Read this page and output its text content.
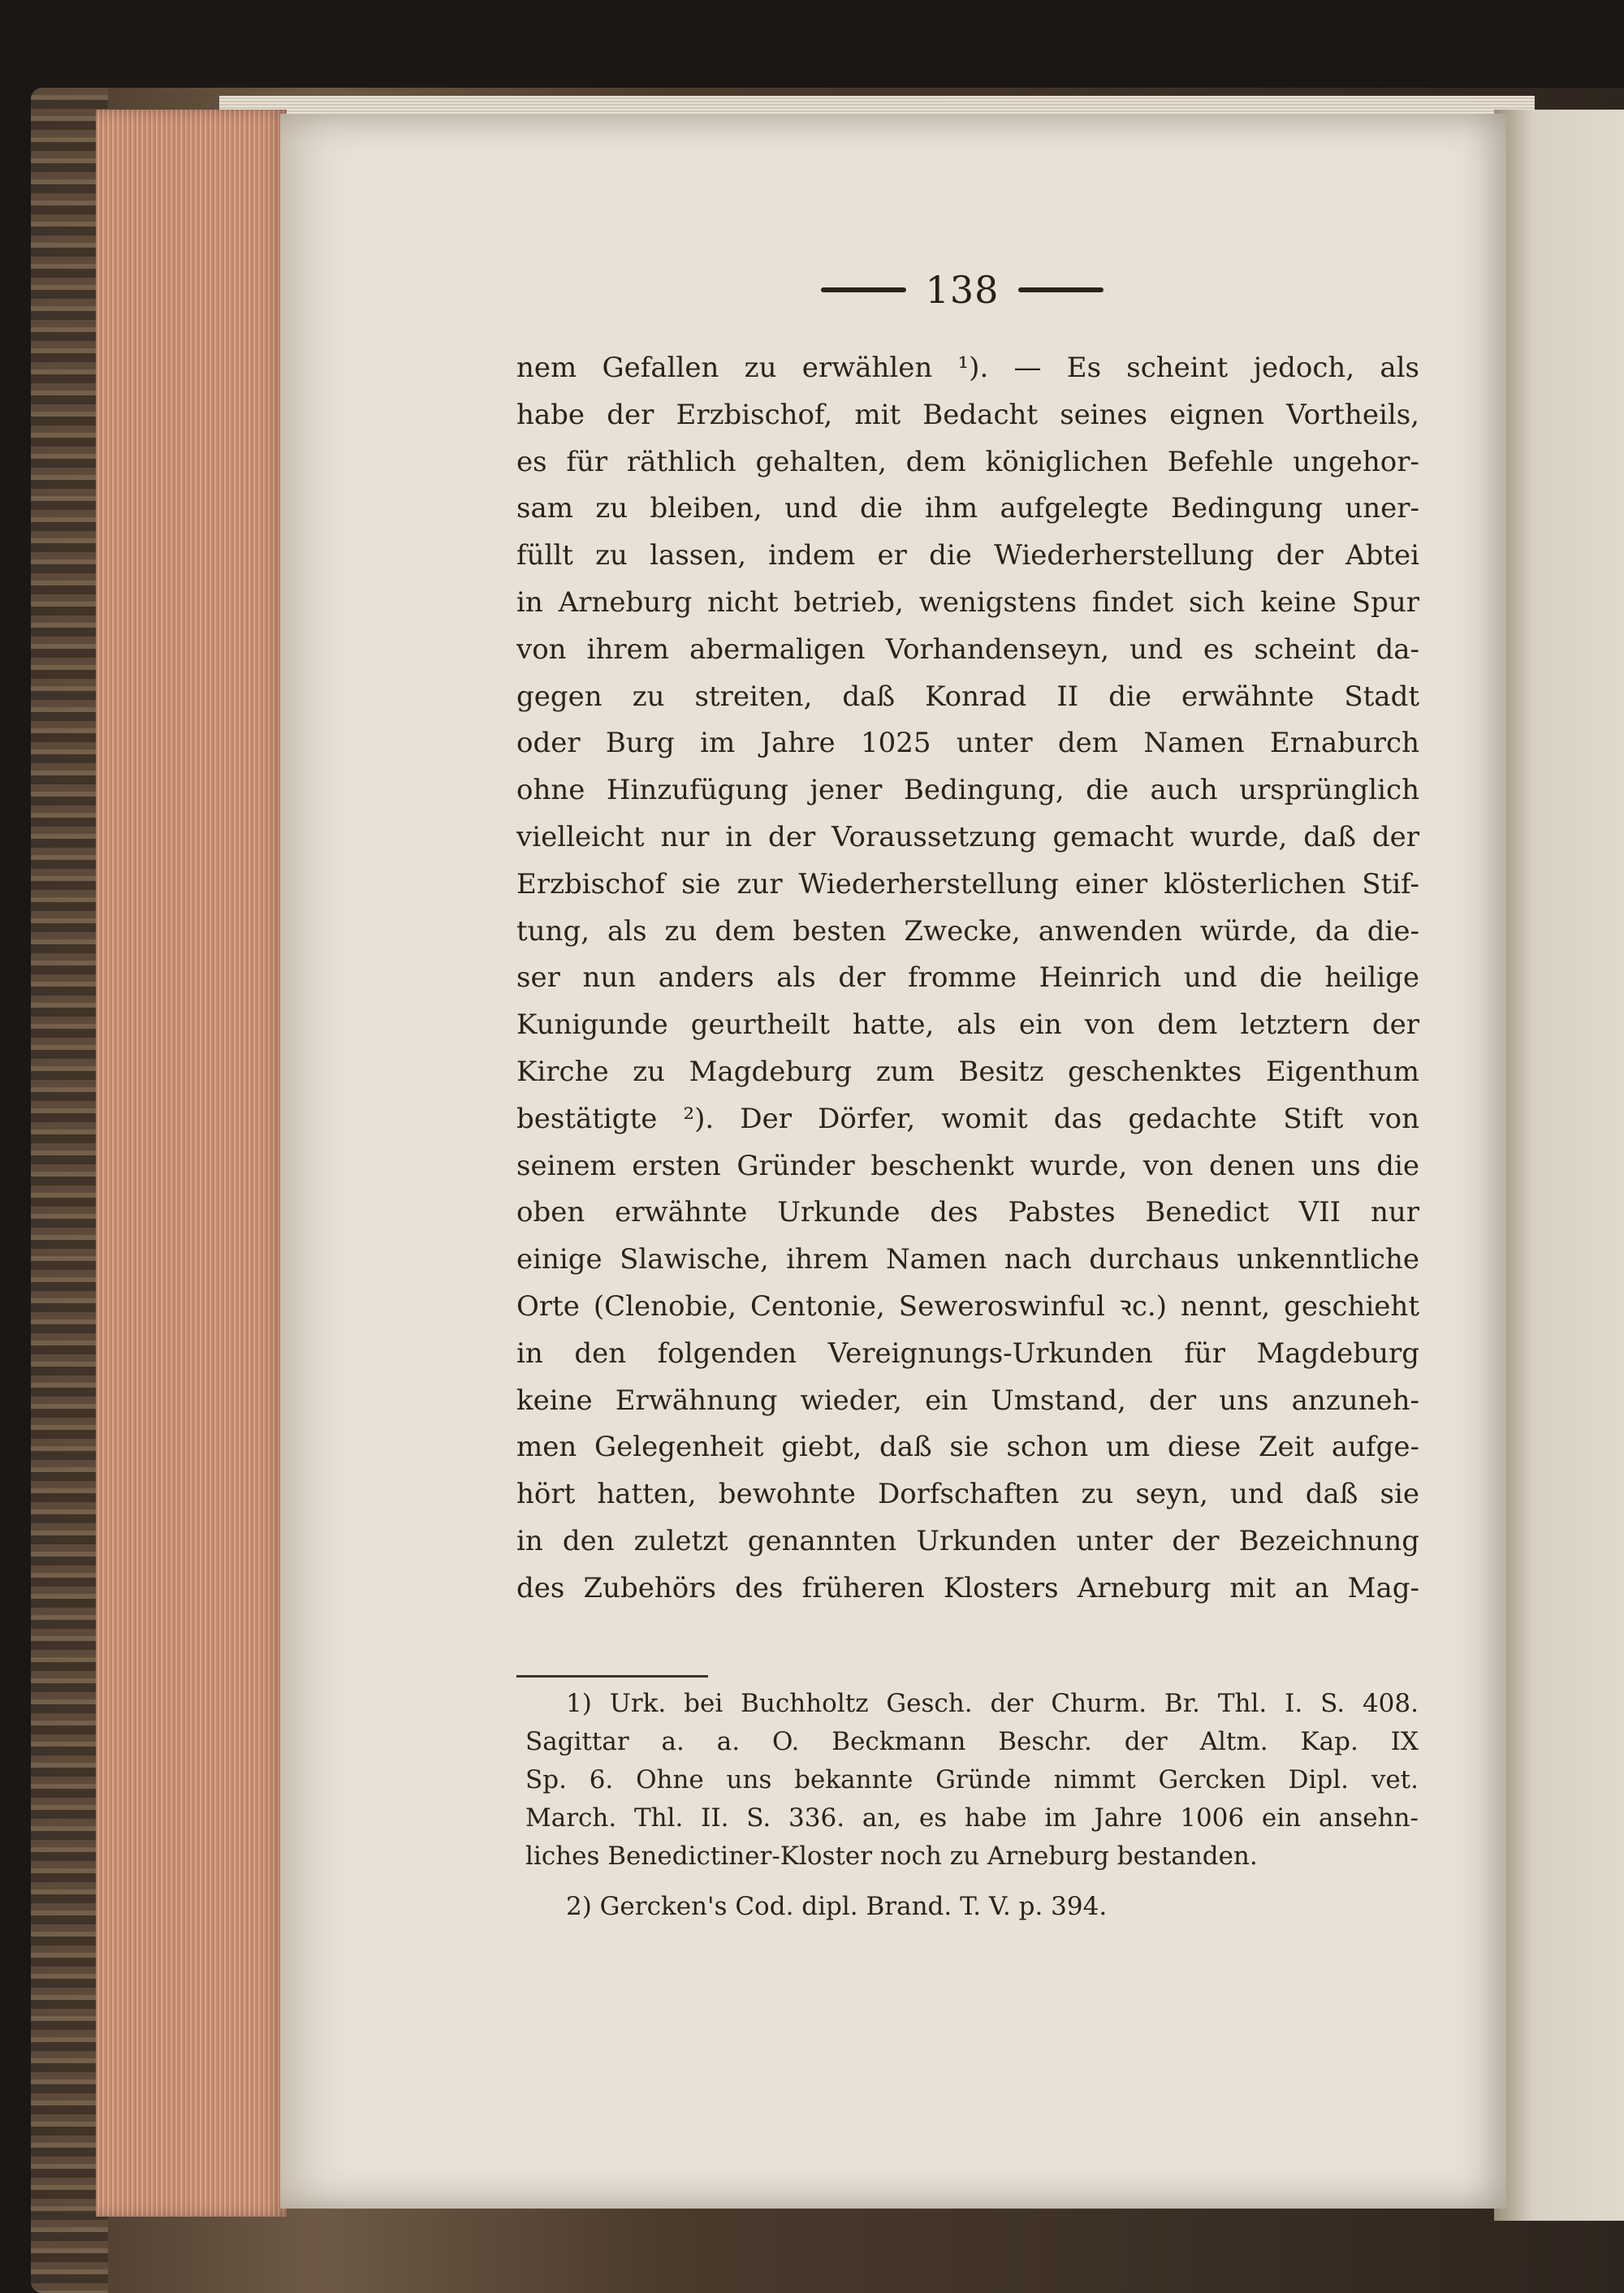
138
nem Gefallen zu erwählen ¹). — Es scheint jedoch, als
habe der Erzbischof, mit Bedacht seines eignen Vortheils,
es für räthlich gehalten, dem königlichen Befehle ungehor-
sam zu bleiben, und die ihm aufgelegte Bedingung uner-
füllt zu lassen, indem er die Wiederherstellung der Abtei
in Arneburg nicht betrieb, wenigstens findet sich keine Spur
von ihrem abermaligen Vorhandenseyn, und es scheint da-
gegen zu streiten, daß Konrad II die erwähnte Stadt
oder Burg im Jahre 1025 unter dem Namen Ernaburch
ohne Hinzufügung jener Bedingung, die auch ursprünglich
vielleicht nur in der Voraussetzung gemacht wurde, daß der
Erzbischof sie zur Wiederherstellung einer klösterlichen Stif-
tung, als zu dem besten Zwecke, anwenden würde, da die-
ser nun anders als der fromme Heinrich und die heilige
Kunigunde geurtheilt hatte, als ein von dem letztern der
Kirche zu Magdeburg zum Besitz geschenktes Eigenthum
bestätigte ²). Der Dörfer, womit das gedachte Stift von
seinem ersten Gründer beschenkt wurde, von denen uns die
oben erwähnte Urkunde des Pabstes Benedict VII nur
einige Slawische, ihrem Namen nach durchaus unkenntliche
Orte (Clenobie, Centonie, Seweroswinful ꝛc.) nennt, geschieht
in den folgenden Vereignungs-Urkunden für Magdeburg
keine Erwähnung wieder, ein Umstand, der uns anzuneh-
men Gelegenheit giebt, daß sie schon um diese Zeit aufge-
hört hatten, bewohnte Dorfschaften zu seyn, und daß sie
in den zuletzt genannten Urkunden unter der Bezeichnung
des Zubehörs des früheren Klosters Arneburg mit an Mag-
1) Urk. bei Buchholtz Gesch. der Churm. Br. Thl. I. S. 408.
Sagittar a. a. O. Beckmann Beschr. der Altm. Kap. IX
Sp. 6. Ohne uns bekannte Gründe nimmt Gercken Dipl. vet.
March. Thl. II. S. 336. an, es habe im Jahre 1006 ein ansehn-
liches Benedictiner-Kloster noch zu Arneburg bestanden.
2) Gercken's Cod. dipl. Brand. T. V. p. 394.
